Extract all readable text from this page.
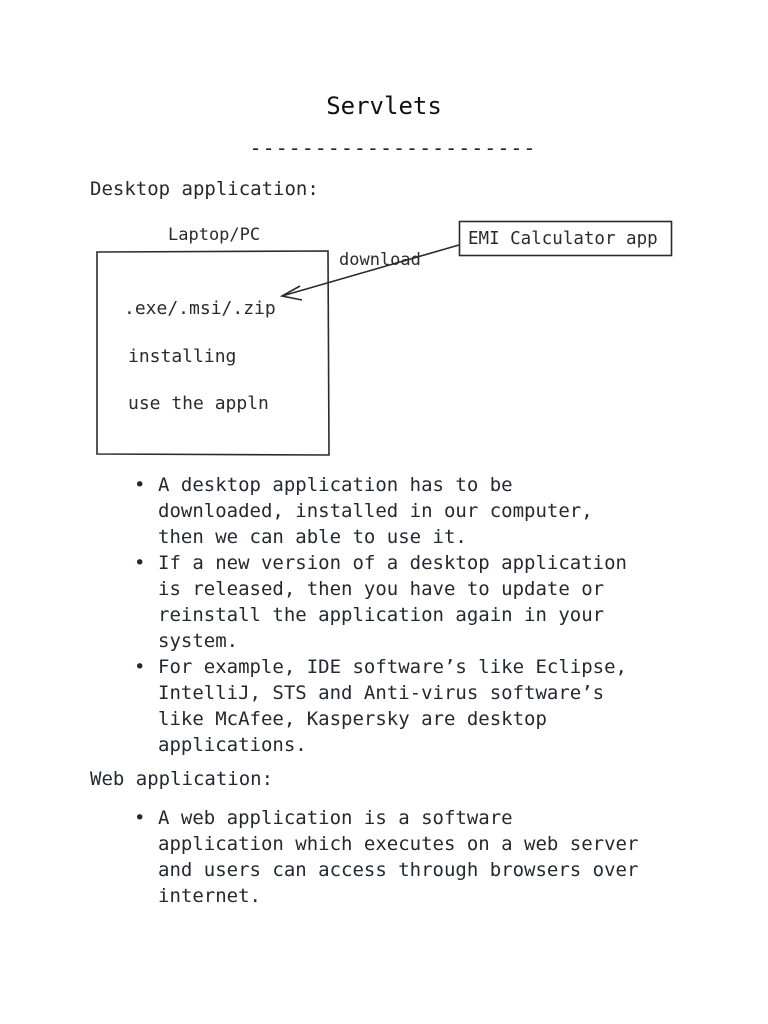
Servlets
----------------------
Desktop application:
Laptop/PC
.exe/.msi/.zip
installing
use the appln
EMI Calculator app
download
• A desktop application has to be
downloaded, installed in our computer,
then we can able to use it.
• If a new version of a desktop application
is released, then you have to update or
reinstall the application again in your
system.
• For example, IDE software’s like Eclipse,
IntelliJ, STS and Anti-virus software’s
like McAfee, Kaspersky are desktop
applications.
Web application:
• A web application is a software
application which executes on a web server
and users can access through browsers over
internet.
